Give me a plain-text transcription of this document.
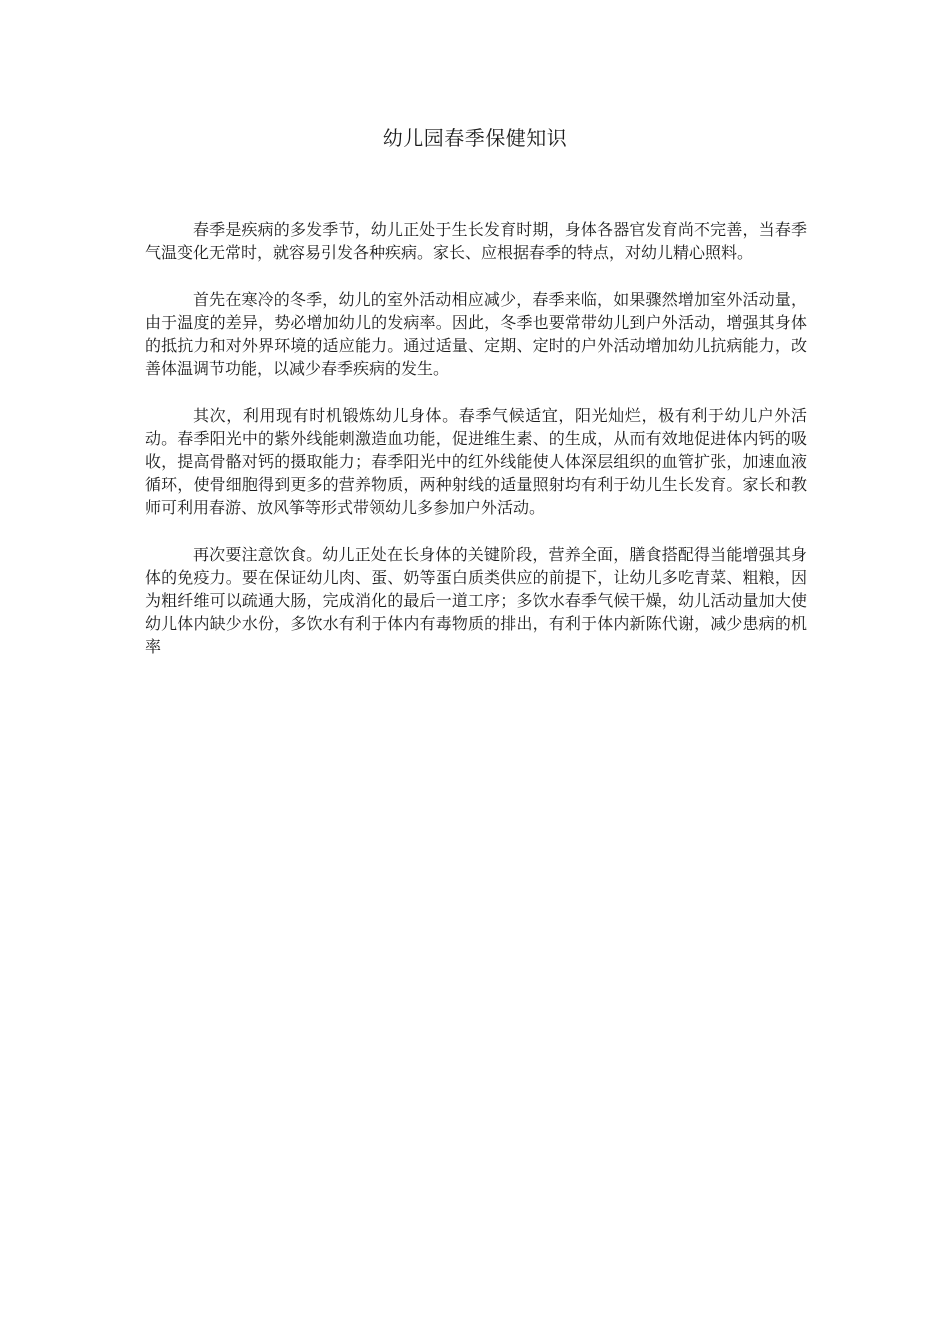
幼儿园春季保健知识

春季是疾病的多发季节，幼儿正处于生长发育时期，身体各器官发育尚不完善，当春季气温变化无常时，就容易引发各种疾病。家长、应根据春季的特点，对幼儿精心照料。

首先在寒冷的冬季，幼儿的室外活动相应减少，春季来临，如果骤然增加室外活动量，由于温度的差异，势必增加幼儿的发病率。因此，冬季也要常带幼儿到户外活动，增强其身体的抵抗力和对外界环境的适应能力。通过适量、定期、定时的户外活动增加幼儿抗病能力，改善体温调节功能，以减少春季疾病的发生。

其次，利用现有时机锻炼幼儿身体。春季气候适宜，阳光灿烂，极有利于幼儿户外活动。春季阳光中的紫外线能刺激造血功能，促进维生素、的生成，从而有效地促进体内钙的吸收，提高骨骼对钙的摄取能力；春季阳光中的红外线能使人体深层组织的血管扩张，加速血液循环，使骨细胞得到更多的营养物质，两种射线的适量照射均有利于幼儿生长发育。家长和教师可利用春游、放风筝等形式带领幼儿多参加户外活动。

再次要注意饮食。幼儿正处在长身体的关键阶段，营养全面，膳食搭配得当能增强其身体的免疫力。要在保证幼儿肉、蛋、奶等蛋白质类供应的前提下，让幼儿多吃青菜、粗粮，因为粗纤维可以疏通大肠，完成消化的最后一道工序；多饮水春季气候干燥，幼儿活动量加大使幼儿体内缺少水份，多饮水有利于体内有毒物质的排出，有利于体内新陈代谢，减少患病的机率
